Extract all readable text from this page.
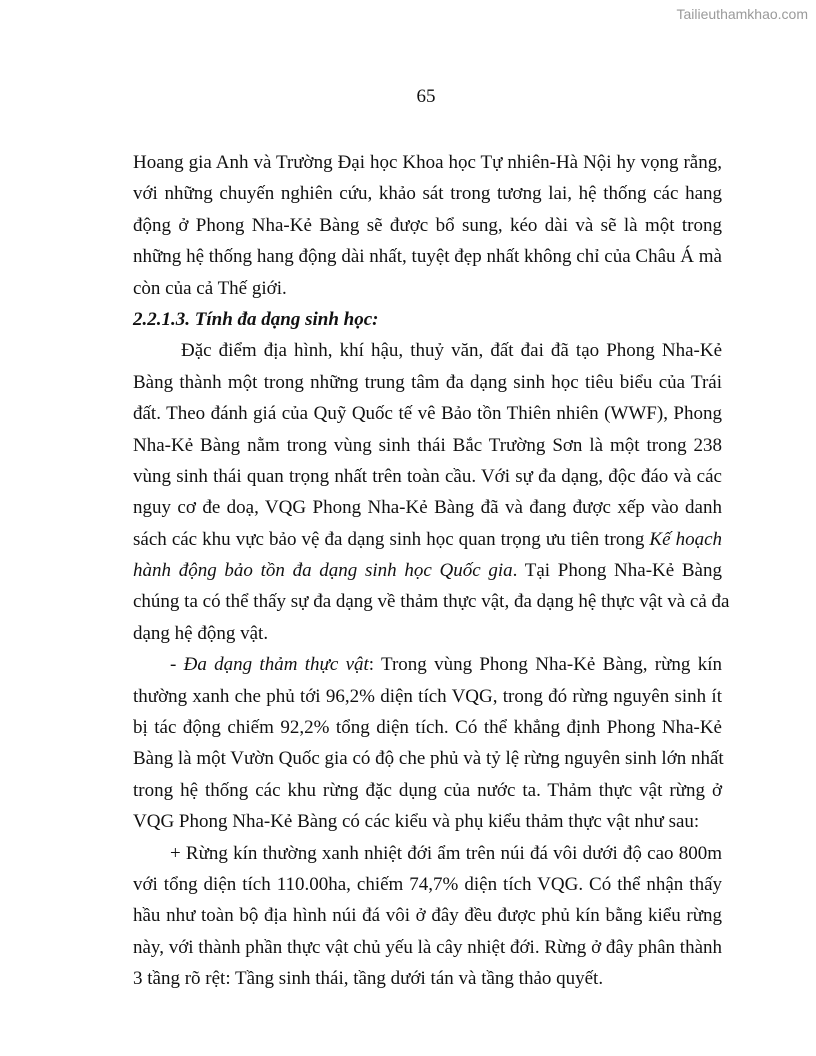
Tailieuthamkhao.com
65
Hoang gia Anh và Trường Đại học Khoa học Tự nhiên-Hà Nội hy vọng rằng,
với những chuyến nghiên cứu, khảo sát trong tương lai, hệ thống các hang
động ở Phong Nha-Kẻ Bàng sẽ được bổ sung, kéo dài và sẽ là một trong
những hệ thống hang động dài nhất, tuyệt đẹp nhất không chỉ của Châu Á mà
còn của cả Thế giới.
2.2.1.3. Tính đa dạng sinh học:
Đặc điểm địa hình, khí hậu, thuỷ văn, đất đai đã tạo Phong Nha-Kẻ
Bàng thành một trong những trung tâm đa dạng sinh học tiêu biểu của Trái
đất. Theo đánh giá của Quỹ Quốc tế vê Bảo tồn Thiên nhiên (WWF), Phong
Nha-Kẻ Bàng nằm trong vùng sinh thái Bắc Trường Sơn là một trong 238
vùng sinh thái quan trọng nhất trên toàn cầu. Với sự đa dạng, độc đáo và các
nguy cơ đe doạ, VQG Phong Nha-Kẻ Bàng đã và đang được xếp vào danh
sách các khu vực bảo vệ đa dạng sinh học quan trọng ưu tiên trong Kế hoạch
hành động bảo tồn đa dạng sinh học Quốc gia. Tại Phong Nha-Kẻ Bàng
chúng ta có thể thấy sự đa dạng về thảm thực vật, đa dạng hệ thực vật và cả đa
dạng hệ động vật.
- Đa dạng thảm thực vật: Trong vùng Phong Nha-Kẻ Bàng, rừng kín
thường xanh che phủ tới 96,2% diện tích VQG, trong đó rừng nguyên sinh ít
bị tác động chiếm 92,2% tổng diện tích. Có thể khẳng định Phong Nha-Kẻ
Bàng là một Vườn Quốc gia có độ che phủ và tỷ lệ rừng nguyên sinh lớn nhất
trong hệ thống các khu rừng đặc dụng của nước ta. Thảm thực vật rừng ở
VQG Phong Nha-Kẻ Bàng có các kiểu và phụ kiểu thảm thực vật như sau:
+ Rừng kín thường xanh nhiệt đới ẩm trên núi đá vôi dưới độ cao 800m
với tổng diện tích 110.00ha, chiếm 74,7% diện tích VQG. Có thể nhận thấy
hầu như toàn bộ địa hình núi đá vôi ở đây đều được phủ kín bằng kiểu rừng
này, với thành phần thực vật chủ yếu là cây nhiệt đới. Rừng ở đây phân thành
3 tầng rõ rệt: Tầng sinh thái, tầng dưới tán và tầng thảo quyết.
